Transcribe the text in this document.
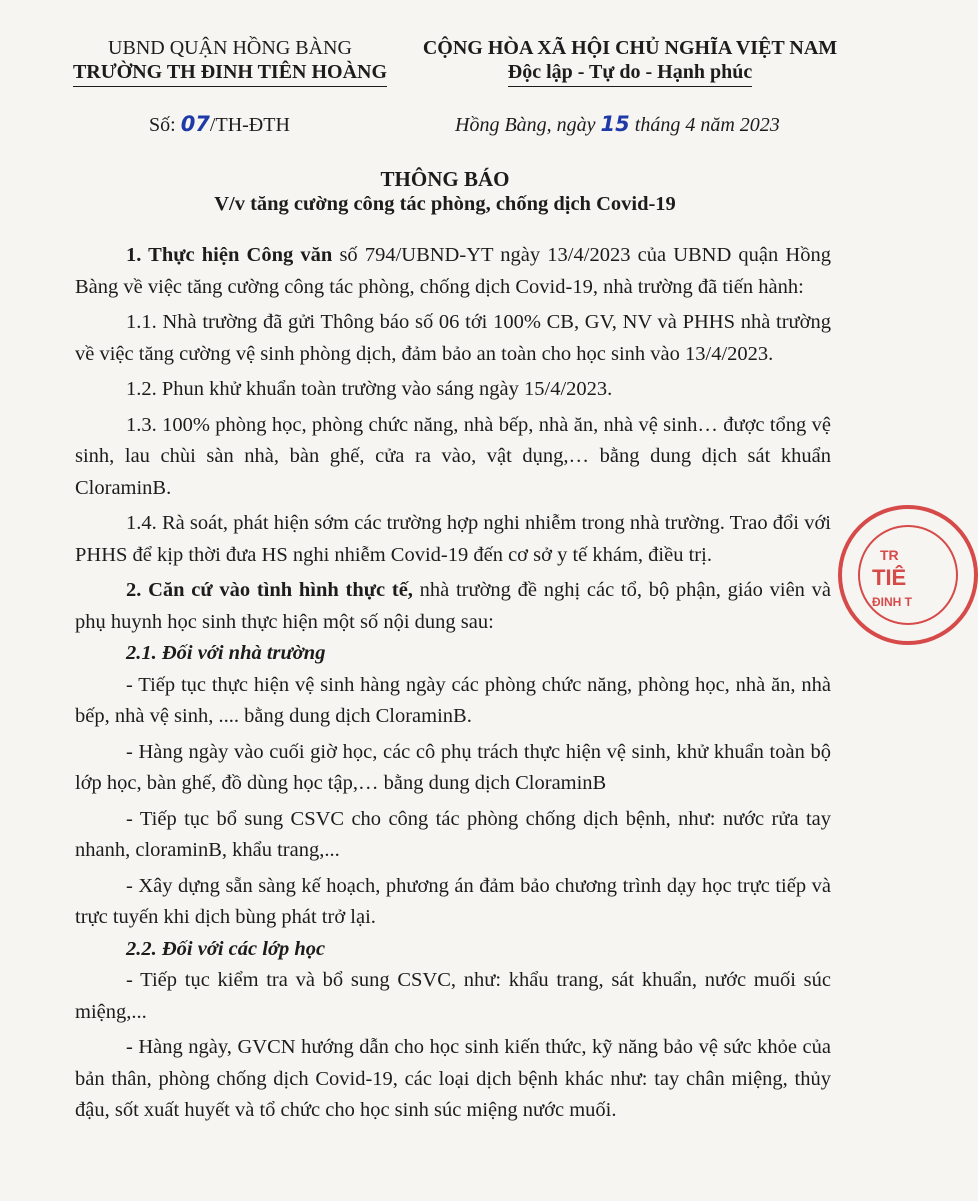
UBND QUẬN HỒNG BÀNG
TRƯỜNG TH ĐINH TIÊN HOÀNG
CỘNG HÒA XÃ HỘI CHỦ NGHĨA VIỆT NAM
Độc lập - Tự do - Hạnh phúc
Số: 07/TH-ĐTH	Hồng Bàng, ngày 15 tháng 4 năm 2023
THÔNG BÁO
V/v tăng cường công tác phòng, chống dịch Covid-19

1. Thực hiện Công văn số 794/UBND-YT ngày 13/4/2023 của UBND quận Hồng Bàng về việc tăng cường công tác phòng, chống dịch Covid-19, nhà trường đã tiến hành:

1.1. Nhà trường đã gửi Thông báo số 06 tới 100% CB, GV, NV và PHHS nhà trường về việc tăng cường vệ sinh phòng dịch, đảm bảo an toàn cho học sinh vào 13/4/2023.

1.2. Phun khử khuẩn toàn trường vào sáng ngày 15/4/2023.

1.3. 100% phòng học, phòng chức năng, nhà bếp, nhà ăn, nhà vệ sinh… được tổng vệ sinh, lau chùi sàn nhà, bàn ghế, cửa ra vào, vật dụng,… bằng dung dịch sát khuẩn CloraminB.

1.4. Rà soát, phát hiện sớm các trường hợp nghi nhiễm trong nhà trường. Trao đổi với PHHS để kịp thời đưa HS nghi nhiễm Covid-19 đến cơ sở y tế khám, điều trị.

2. Căn cứ vào tình hình thực tế, nhà trường đề nghị các tổ, bộ phận, giáo viên và phụ huynh học sinh thực hiện một số nội dung sau:

2.1. Đối với nhà trường

- Tiếp tục thực hiện vệ sinh hàng ngày các phòng chức năng, phòng học, nhà ăn, nhà bếp, nhà vệ sinh, .... bằng dung dịch CloraminB.

- Hàng ngày vào cuối giờ học, các cô phụ trách thực hiện vệ sinh, khử khuẩn toàn bộ lớp học, bàn ghế, đồ dùng học tập,… bằng dung dịch CloraminB

- Tiếp tục bổ sung CSVC cho công tác phòng chống dịch bệnh, như: nước rửa tay nhanh, cloraminB, khẩu trang,...

- Xây dựng sẵn sàng kế hoạch, phương án đảm bảo chương trình dạy học trực tiếp và trực tuyến khi dịch bùng phát trở lại.

2.2. Đối với các lớp học

- Tiếp tục kiểm tra và bổ sung CSVC, như: khẩu trang, sát khuẩn, nước muối súc miệng,...

- Hàng ngày, GVCN hướng dẫn cho học sinh kiến thức, kỹ năng bảo vệ sức khỏe của bản thân, phòng chống dịch Covid-19, các loại dịch bệnh khác như: tay chân miệng, thủy đậu, sốt xuất huyết và tổ chức cho học sinh súc miệng nước muối.

TR
TIÊ
ĐINH T
